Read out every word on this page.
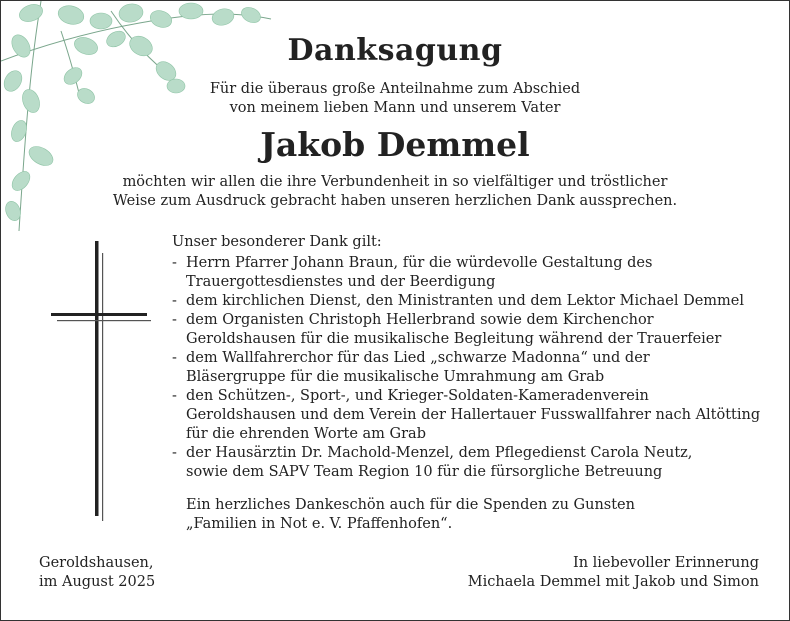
Danksagung
Für die überaus große Anteilnahme zum Abschied
von meinem lieben Mann und unserem Vater
Jakob Demmel
möchten wir allen die ihre Verbundenheit in so vielfältiger und tröstlicher
Weise zum Ausdruck gebracht haben unseren herzlichen Dank aussprechen.
Unser besonderer Dank gilt:
- Herrn Pfarrer Johann Braun, für die würdevolle Gestaltung des
Trauergottesdienstes und der Beerdigung
- dem kirchlichen Dienst, den Ministranten und dem Lektor Michael Demmel
- dem Organisten Christoph Hellerbrand sowie dem Kirchenchor
Geroldshausen für die musikalische Begleitung während der Trauerfeier
- dem Wallfahrerchor für das Lied „schwarze Madonna“ und der
Bläsergruppe für die musikalische Umrahmung am Grab
- den Schützen-, Sport-, und Krieger-Soldaten-Kameradenverein
Geroldshausen und dem Verein der Hallertauer Fusswallfahrer nach Altötting
für die ehrenden Worte am Grab
- der Hausärztin Dr. Machold-Menzel, dem Pflegedienst Carola Neutz,
sowie dem SAPV Team Region 10 für die fürsorgliche Betreuung
Ein herzliches Dankeschön auch für die Spenden zu Gunsten
„Familien in Not e. V. Pfaffenhofen“.
Geroldshausen,
im August 2025
In liebevoller Erinnerung
Michaela Demmel mit Jakob und Simon
